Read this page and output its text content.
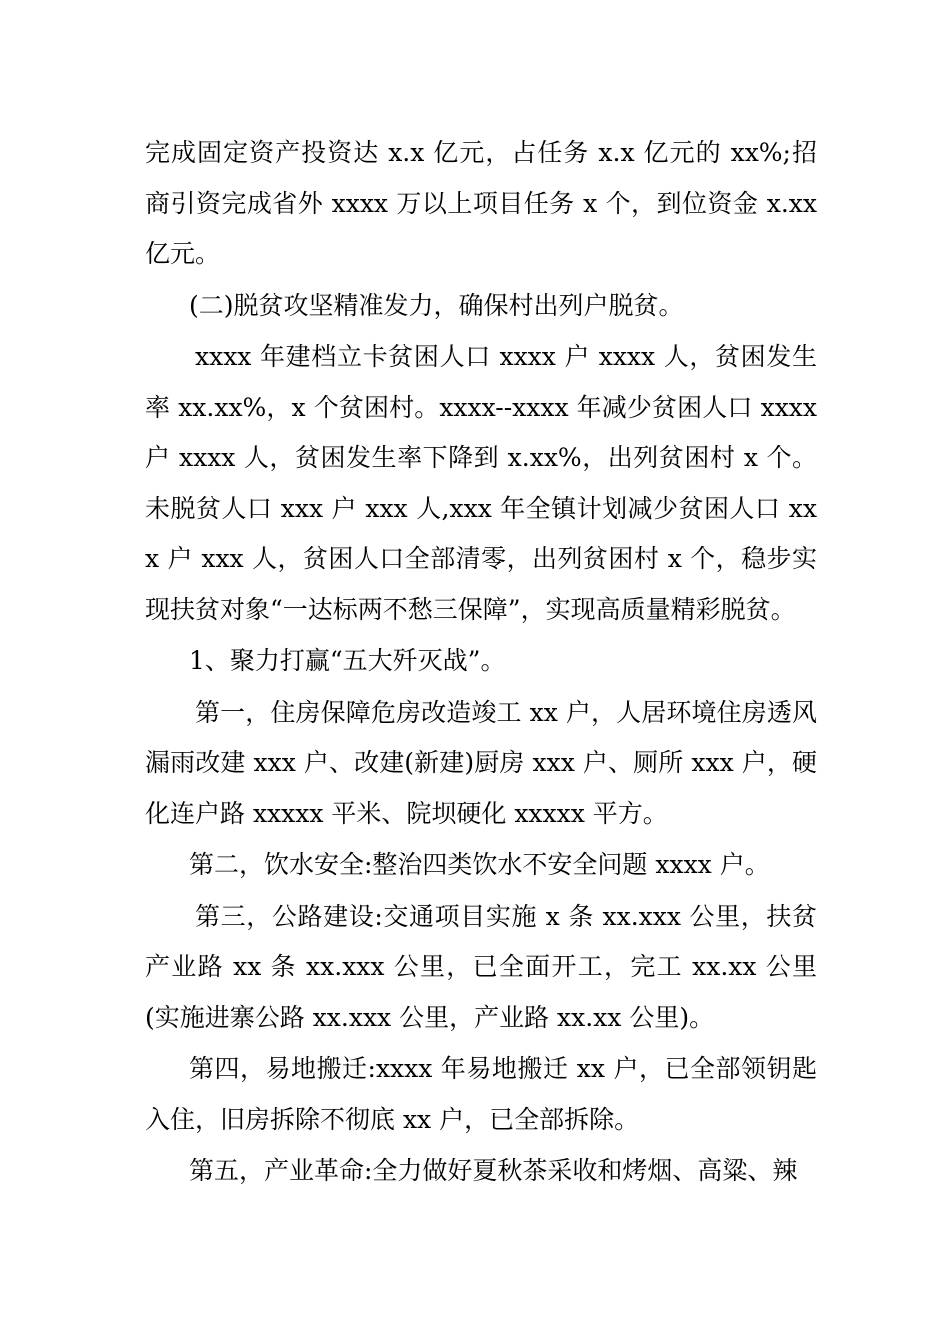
完成固定资产投资达 x.x 亿元，占任务 x.x 亿元的 xx%;招商引资完成省外 xxxx 万以上项目任务 x 个，到位资金 x.xx 亿元。

(二)脱贫攻坚精准发力，确保村出列户脱贫。

xxxx 年建档立卡贫困人口 xxxx 户 xxxx 人，贫困发生率 xx.xx%，x 个贫困村。xxxx--xxxx 年减少贫困人口 xxxx 户 xxxx 人，贫困发生率下降到 x.xx%，出列贫困村 x 个。未脱贫人口 xxx 户 xxx 人,xxx 年全镇计划减少贫困人口 xxx 户 xxx 人，贫困人口全部清零，出列贫困村 x 个，稳步实现扶贫对象“一达标两不愁三保障”，实现高质量精彩脱贫。

1、聚力打赢“五大歼灭战”。

第一，住房保障危房改造竣工 xx 户，人居环境住房透风漏雨改建 xxx 户、改建(新建)厨房 xxx 户、厕所 xxx 户，硬化连户路 xxxxx 平米、院坝硬化 xxxxx 平方。

第二，饮水安全:整治四类饮水不安全问题 xxxx 户。

第三，公路建设:交通项目实施 x 条 xx.xxx 公里，扶贫产业路 xx 条 xx.xxx 公里，已全面开工，完工 xx.xx 公里(实施进寨公路 xx.xxx 公里，产业路 xx.xx 公里)。

第四，易地搬迁:xxxx 年易地搬迁 xx 户，已全部领钥匙入住，旧房拆除不彻底 xx 户，已全部拆除。

第五，产业革命:全力做好夏秋茶采收和烤烟、高粱、辣
